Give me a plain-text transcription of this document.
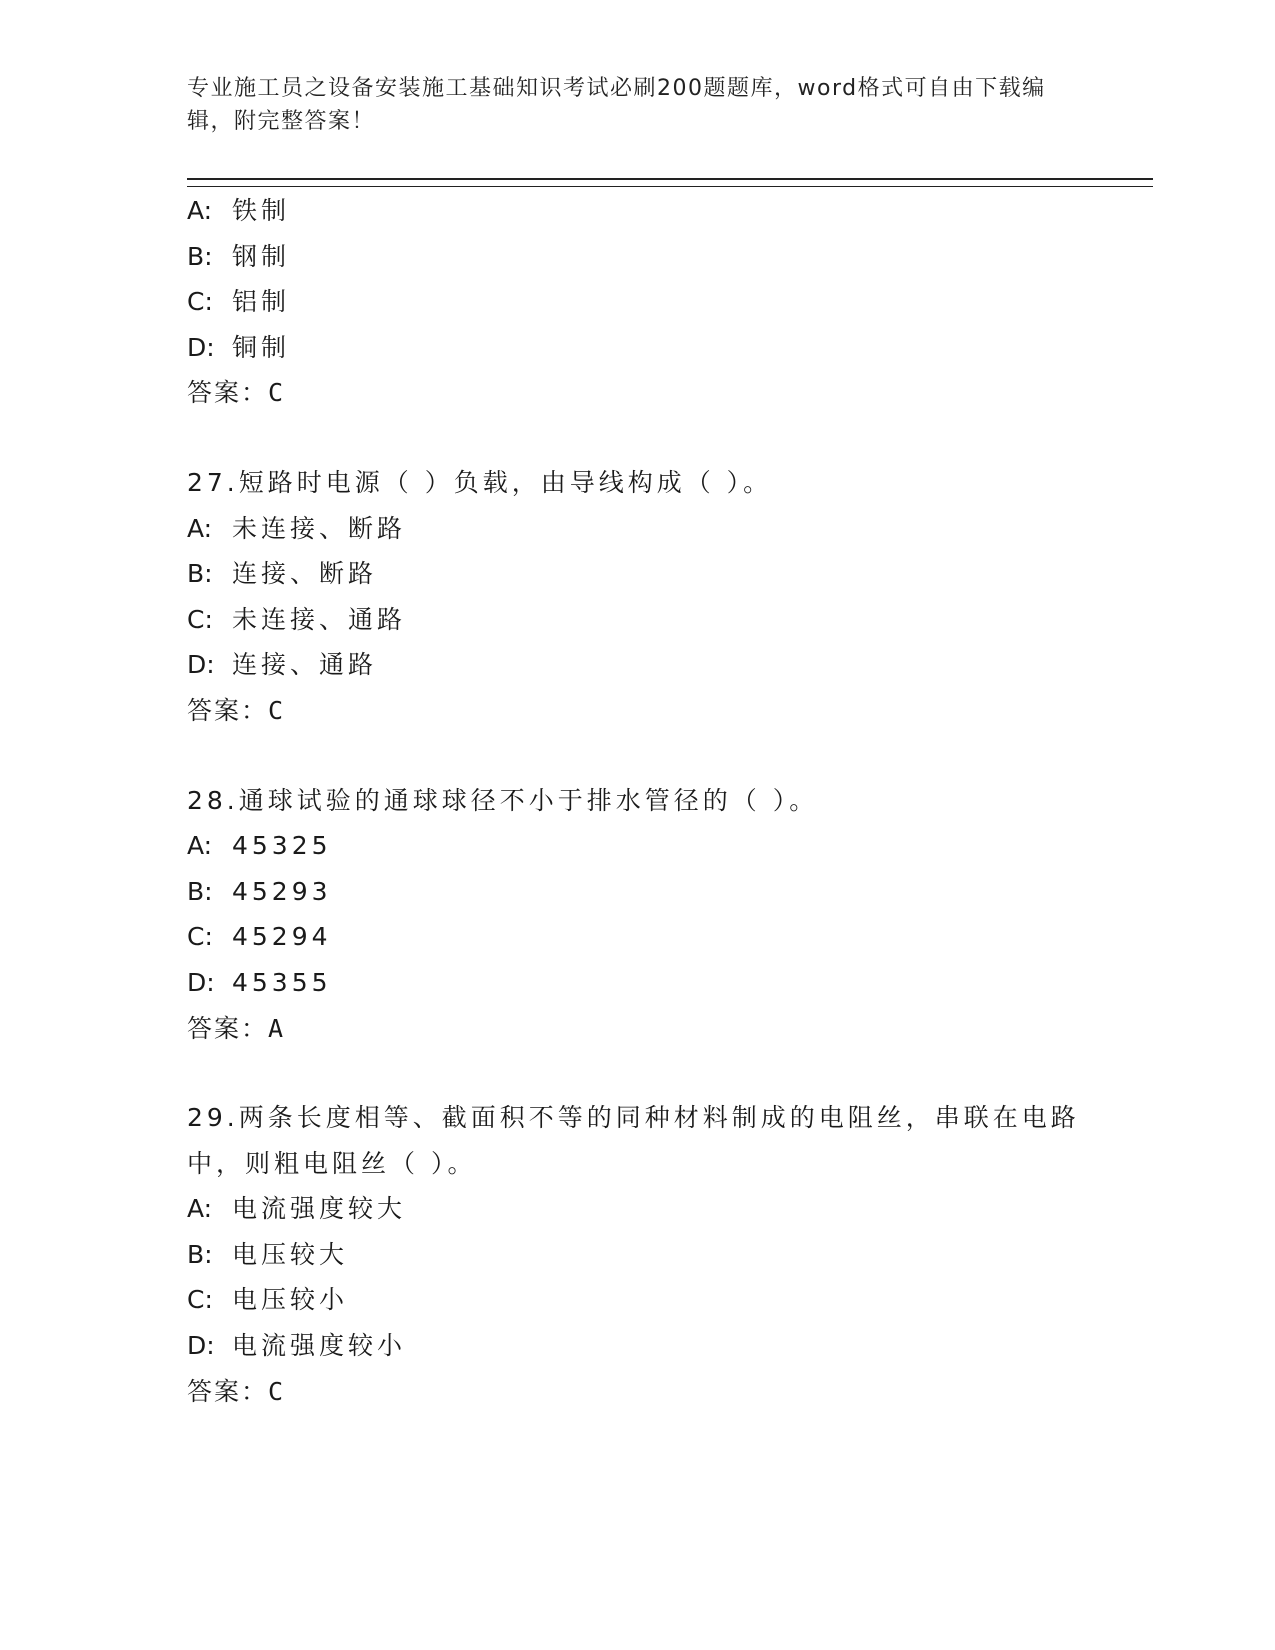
专业施工员之设备安装施工基础知识考试必刷200题题库，word格式可自由下载编辑，附完整答案！
A: 铁制
B: 钢制
C: 铝制
D: 铜制
答案：C
27.短路时电源（ ）负载，由导线构成（ ）。
A: 未连接、断路
B: 连接、断路
C: 未连接、通路
D: 连接、通路
答案：C
28.通球试验的通球球径不小于排水管径的（ ）。
A: 45325
B: 45293
C: 45294
D: 45355
答案：A
29.两条长度相等、截面积不等的同种材料制成的电阻丝，串联在电路中，则粗电阻丝（ ）。
A: 电流强度较大
B: 电压较大
C: 电压较小
D: 电流强度较小
答案：C
